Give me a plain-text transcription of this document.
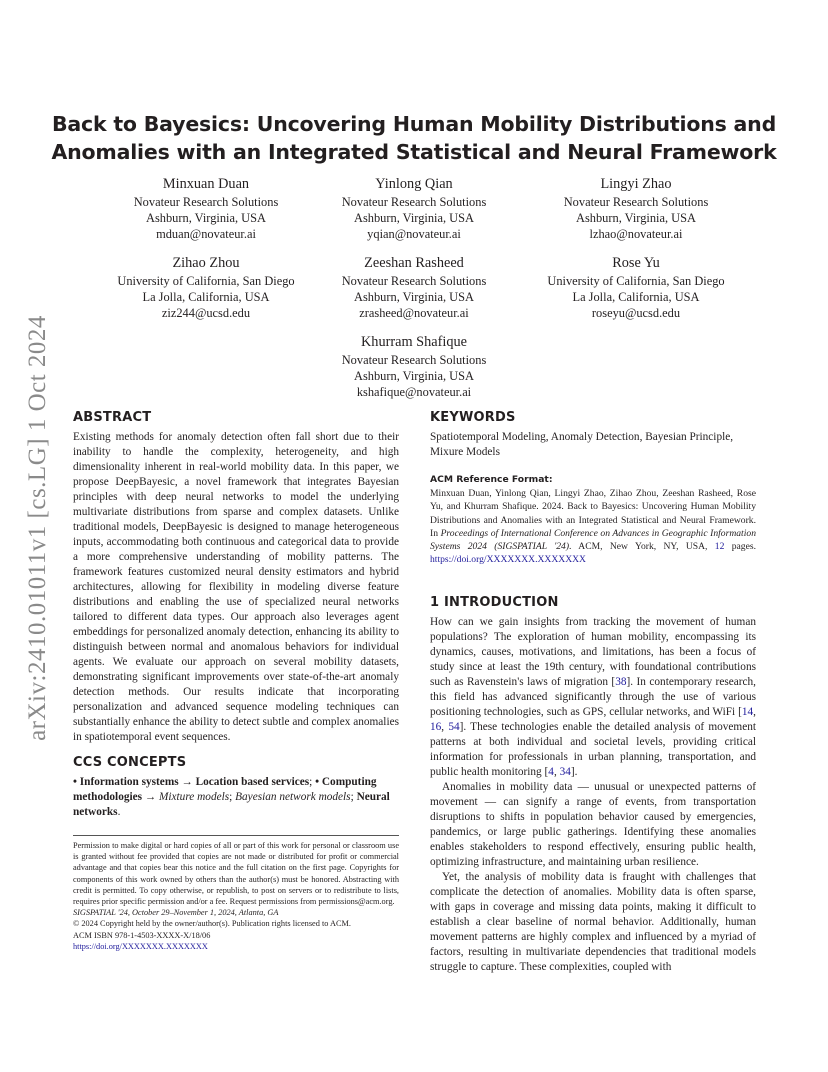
arXiv:2410.01011v1 [cs.LG] 1 Oct 2024
Back to Bayesics: Uncovering Human Mobility Distributions and
Anomalies with an Integrated Statistical and Neural Framework
Minxuan Duan
Novateur Research Solutions
Ashburn, Virginia, USA
mduan@novateur.ai
Yinlong Qian
Novateur Research Solutions
Ashburn, Virginia, USA
yqian@novateur.ai
Lingyi Zhao
Novateur Research Solutions
Ashburn, Virginia, USA
lzhao@novateur.ai
Zihao Zhou
University of California, San Diego
La Jolla, California, USA
ziz244@ucsd.edu
Zeeshan Rasheed
Novateur Research Solutions
Ashburn, Virginia, USA
zrasheed@novateur.ai
Rose Yu
University of California, San Diego
La Jolla, California, USA
roseyu@ucsd.edu
Khurram Shafique
Novateur Research Solutions
Ashburn, Virginia, USA
kshafique@novateur.ai
ABSTRACT

Existing methods for anomaly detection often fall short due to their inability to handle the complexity, heterogeneity, and high dimensionality inherent in real-world mobility data. In this paper, we propose DeepBayesic, a novel framework that integrates Bayesian principles with deep neural networks to model the underlying multivariate distributions from sparse and complex datasets. Unlike traditional models, DeepBayesic is designed to manage heterogeneous inputs, accommodating both continuous and categorical data to provide a more comprehensive understanding of mobility patterns. The framework features customized neural density estimators and hybrid architectures, allowing for flexibility in modeling diverse feature distributions and enabling the use of specialized neural networks tailored to different data types. Our approach also leverages agent embeddings for personalized anomaly detection, enhancing its ability to distinguish between normal and anomalous behaviors for individual agents. We evaluate our approach on several mobility datasets, demonstrating significant improvements over state-of-the-art anomaly detection methods. Our results indicate that incorporating personalization and advanced sequence modeling techniques can substantially enhance the ability to detect subtle and complex anomalies in spatiotemporal event sequences.

CCS CONCEPTS

• Information systems → Location based services; • Computing methodologies → Mixture models; Bayesian network models; Neural networks.

Permission to make digital or hard copies of all or part of this work for personal or classroom use is granted without fee provided that copies are not made or distributed for profit or commercial advantage and that copies bear this notice and the full citation on the first page. Copyrights for components of this work owned by others than the author(s) must be honored. Abstracting with credit is permitted. To copy otherwise, or republish, to post on servers or to redistribute to lists, requires prior specific permission and/or a fee. Request permissions from permissions@acm.org.

SIGSPATIAL '24, October 29–November 1, 2024, Atlanta, GA

© 2024 Copyright held by the owner/author(s). Publication rights licensed to ACM.

ACM ISBN 978-1-4503-XXXX-X/18/06

https://doi.org/XXXXXXX.XXXXXXX

KEYWORDS

Spatiotemporal Modeling, Anomaly Detection, Bayesian Principle, Mixure Models

ACM Reference Format:

Minxuan Duan, Yinlong Qian, Lingyi Zhao, Zihao Zhou, Zeeshan Rasheed, Rose Yu, and Khurram Shafique. 2024. Back to Bayesics: Uncovering Human Mobility Distributions and Anomalies with an Integrated Statistical and Neural Framework. In Proceedings of International Conference on Advances in Geographic Information Systems 2024 (SIGSPATIAL '24). ACM, New York, NY, USA, 12 pages. https://doi.org/XXXXXXX.XXXXXXX

1 INTRODUCTION

How can we gain insights from tracking the movement of human populations? The exploration of human mobility, encompassing its dynamics, causes, motivations, and limitations, has been a focus of study since at least the 19th century, with foundational contributions such as Ravenstein's laws of migration [38]. In contemporary research, this field has advanced significantly through the use of various positioning technologies, such as GPS, cellular networks, and WiFi [14, 16, 54]. These technologies enable the detailed analysis of movement patterns at both individual and societal levels, providing critical information for professionals in urban planning, transportation, and public health monitoring [4, 34].

Anomalies in mobility data — unusual or unexpected patterns of movement — can signify a range of events, from transportation disruptions to shifts in population behavior caused by emergencies, pandemics, or large public gatherings. Identifying these anomalies enables stakeholders to respond effectively, ensuring public health, optimizing infrastructure, and maintaining urban resilience.

Yet, the analysis of mobility data is fraught with challenges that complicate the detection of anomalies. Mobility data is often sparse, with gaps in coverage and missing data points, making it difficult to establish a clear baseline of normal behavior. Additionally, human movement patterns are highly complex and influenced by a myriad of factors, resulting in multivariate dependencies that traditional models struggle to capture. These complexities, coupled with
